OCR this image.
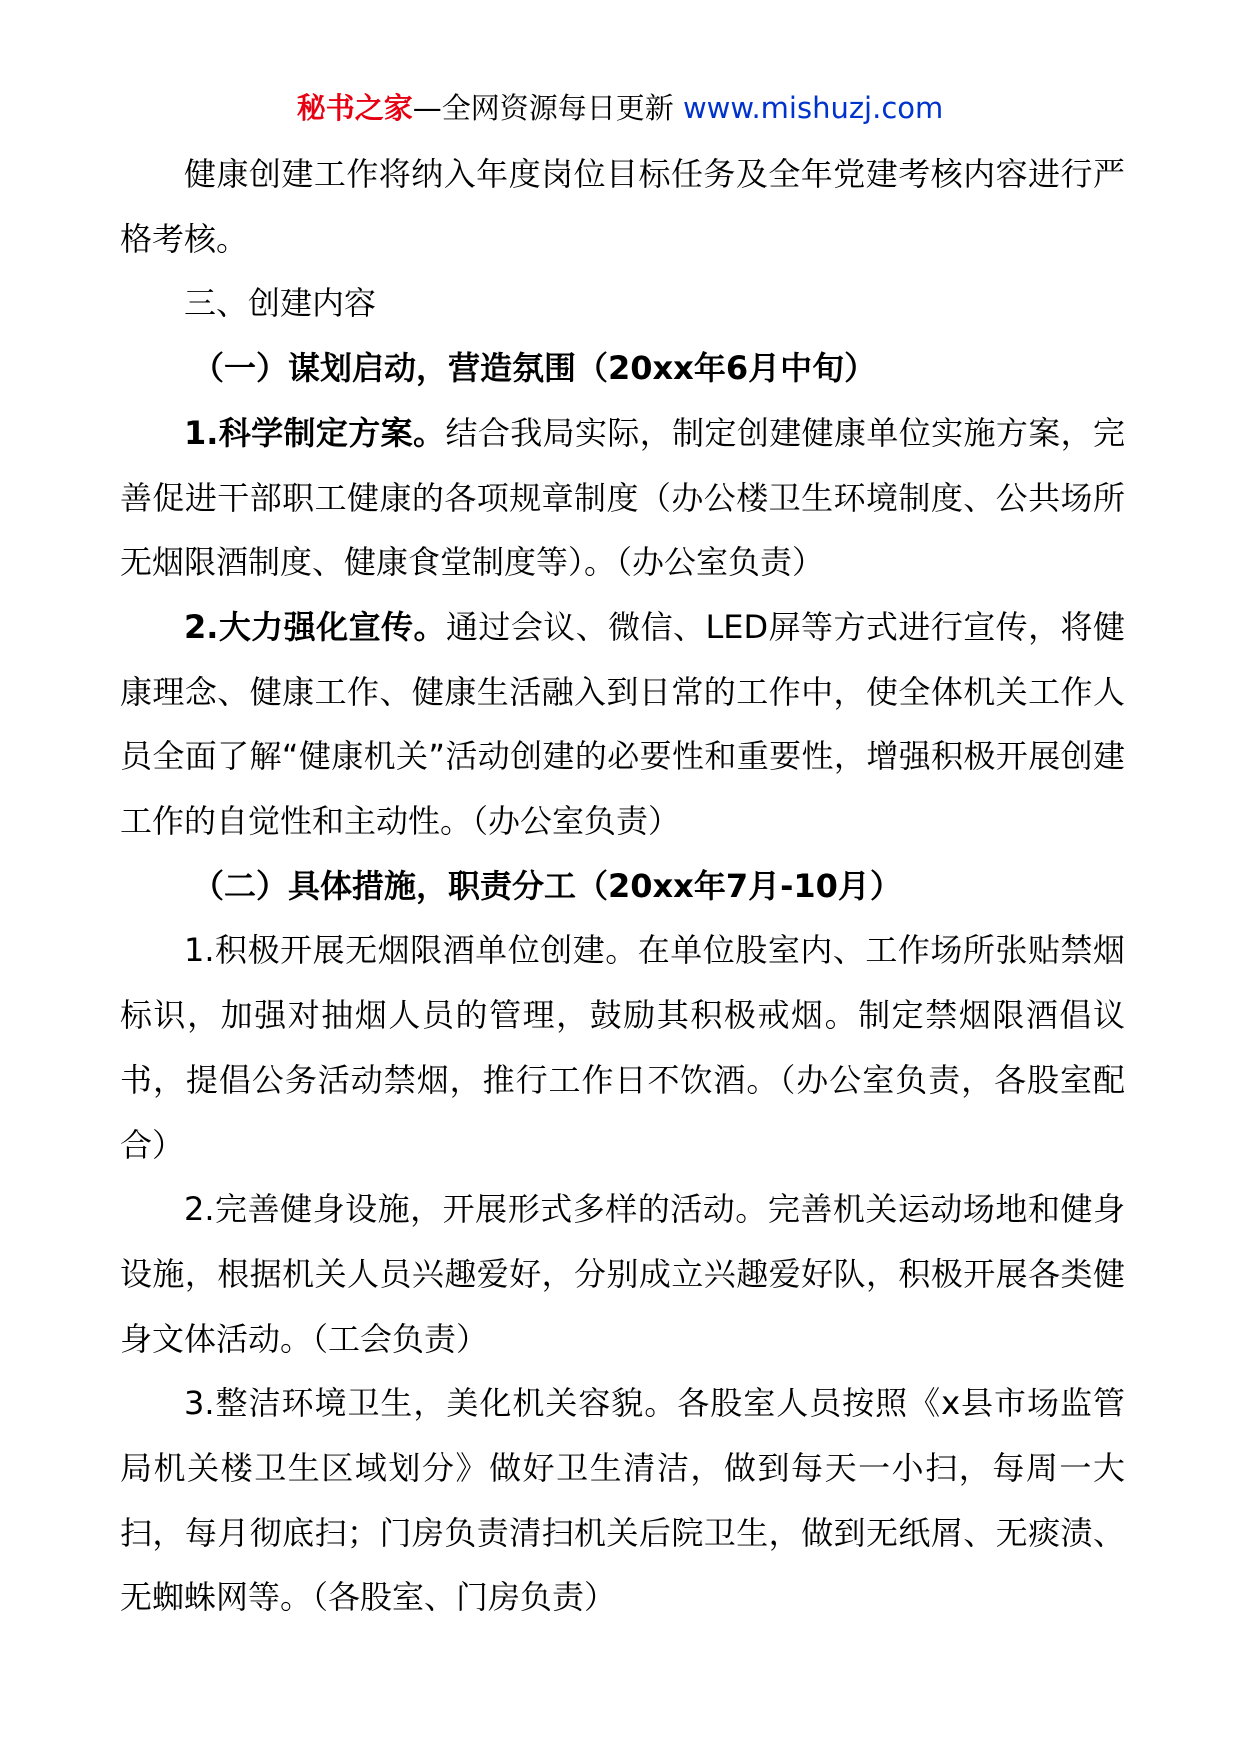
秘书之家—全网资源每日更新 www.mishuzj.com

健康创建工作将纳入年度岗位目标任务及全年党建考核内容进行严格考核。

三、创建内容

（一）谋划启动，营造氛围（20xx年6月中旬）

1.科学制定方案。结合我局实际，制定创建健康单位实施方案，完善促进干部职工健康的各项规章制度（办公楼卫生环境制度、公共场所无烟限酒制度、健康食堂制度等）。（办公室负责）

2.大力强化宣传。通过会议、微信、LED屏等方式进行宣传，将健康理念、健康工作、健康生活融入到日常的工作中，使全体机关工作人员全面了解“健康机关”活动创建的必要性和重要性，增强积极开展创建工作的自觉性和主动性。（办公室负责）

（二）具体措施，职责分工（20xx年7月-10月）

1.积极开展无烟限酒单位创建。在单位股室内、工作场所张贴禁烟标识，加强对抽烟人员的管理，鼓励其积极戒烟。制定禁烟限酒倡议书，提倡公务活动禁烟，推行工作日不饮酒。（办公室负责，各股室配合）

2.完善健身设施，开展形式多样的活动。完善机关运动场地和健身设施，根据机关人员兴趣爱好，分别成立兴趣爱好队，积极开展各类健身文体活动。（工会负责）

3.整洁环境卫生，美化机关容貌。各股室人员按照《x县市场监管局机关楼卫生区域划分》做好卫生清洁，做到每天一小扫，每周一大扫，每月彻底扫；门房负责清扫机关后院卫生，做到无纸屑、无痰渍、无蜘蛛网等。（各股室、门房负责）
